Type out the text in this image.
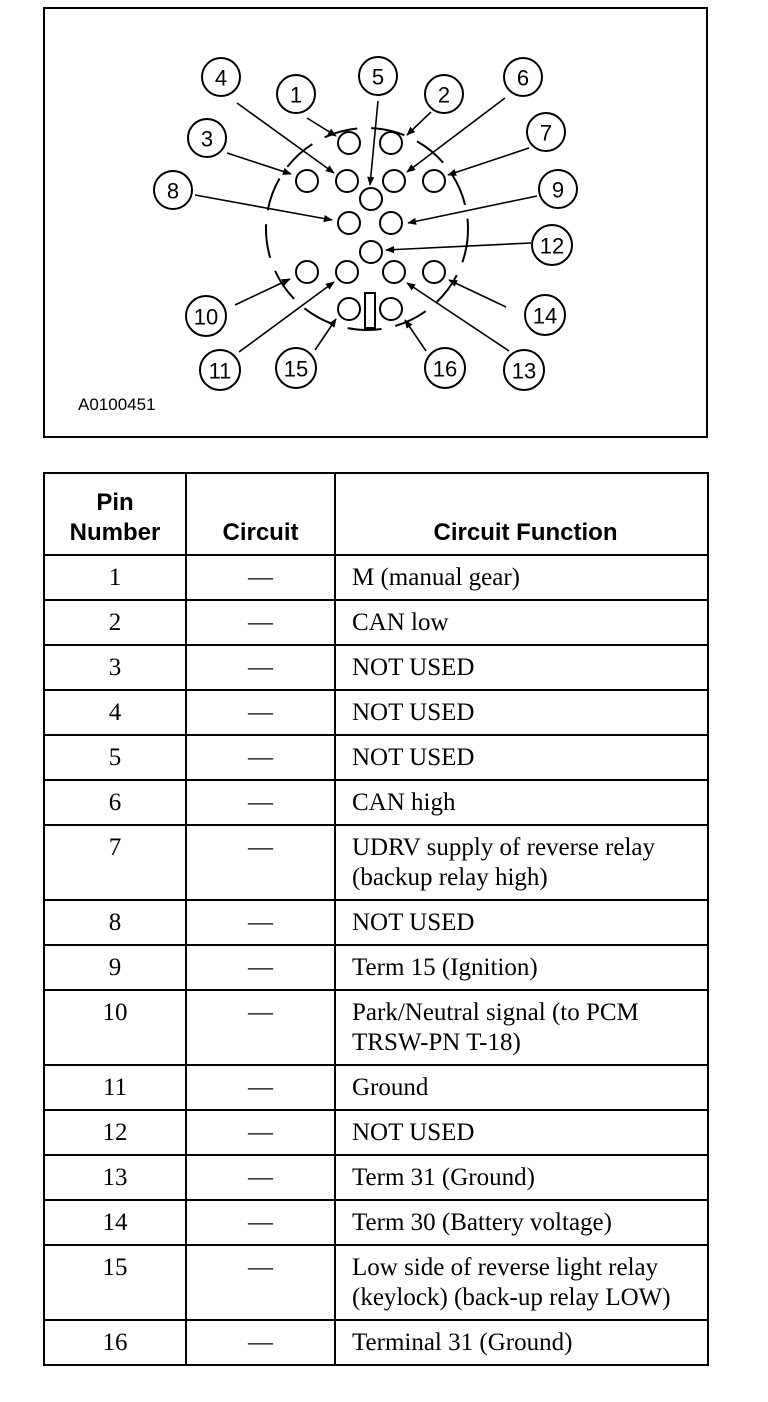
1	2
3
4	5	6
7
8	9
10
11
12
13
14
15	16
A0100451
Pin
Number	Circuit	Circuit Function
1	—	M (manual gear)
2	—	CAN low
3	—	NOT USED
4	—	NOT USED
5	—	NOT USED
6	—	CAN high
7	—	UDRV supply of reverse relay (backup relay high)
8	—	NOT USED
9	—	Term 15 (Ignition)
10	—	Park/Neutral signal (to PCM TRSW-PN T-18)
11	—	Ground
12	—	NOT USED
13	—	Term 31 (Ground)
14	—	Term 30 (Battery voltage)
15	—	Low side of reverse light relay (keylock) (back-up relay LOW)
16	—	Terminal 31 (Ground)
